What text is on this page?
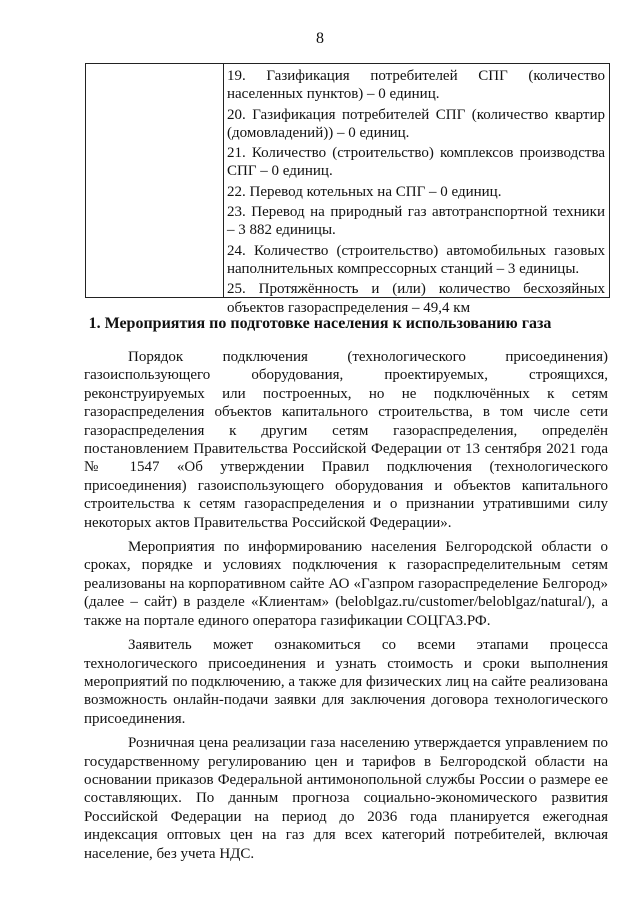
8
19. Газификация потребителей СПГ (количество населенных пунктов) – 0 единиц.
20. Газификация потребителей СПГ (количество квартир (домовладений)) – 0 единиц.
21. Количество (строительство) комплексов производства СПГ – 0 единиц.
22. Перевод котельных на СПГ – 0 единиц.
23. Перевод на природный газ автотранспортной техники – 3 882 единицы.
24. Количество (строительство) автомобильных газовых наполнительных компрессорных станций – 3 единицы.
25. Протяжённость и (или) количество бесхозяйных объектов газораспределения – 49,4 км
1. Мероприятия по подготовке населения к использованию газа

Порядок подключения (технологического присоединения) газоиспользующего оборудования, проектируемых, строящихся, реконструируемых или построенных, но не подключённых к сетям газораспределения объектов капитального строительства, в том числе сети газораспределения к другим сетям газораспределения, определён постановлением Правительства Российской Федерации от 13 сентября 2021 года № 1547 «Об утверждении Правил подключения (технологического присоединения) газоиспользующего оборудования и объектов капитального строительства к сетям газораспределения и о признании утратившими силу некоторых актов Правительства Российской Федерации».

Мероприятия по информированию населения Белгородской области о сроках, порядке и условиях подключения к газораспределительным сетям реализованы на корпоративном сайте АО «Газпром газораспределение Белгород» (далее – сайт) в разделе «Клиентам» (beloblgaz.ru/customer/beloblgaz/natural/), а также на портале единого оператора газификации СОЦГАЗ.РФ.

Заявитель может ознакомиться со всеми этапами процесса технологического присоединения и узнать стоимость и сроки выполнения мероприятий по подключению, а также для физических лиц на сайте реализована возможность онлайн-подачи заявки для заключения договора технологического присоединения.

Розничная цена реализации газа населению утверждается управлением по государственному регулированию цен и тарифов в Белгородской области на основании приказов Федеральной антимонопольной службы России о размере ее составляющих. По данным прогноза социально-экономического развития Российской Федерации на период до 2036 года планируется ежегодная индексация оптовых цен на газ для всех категорий потребителей, включая население, без учета НДС.
